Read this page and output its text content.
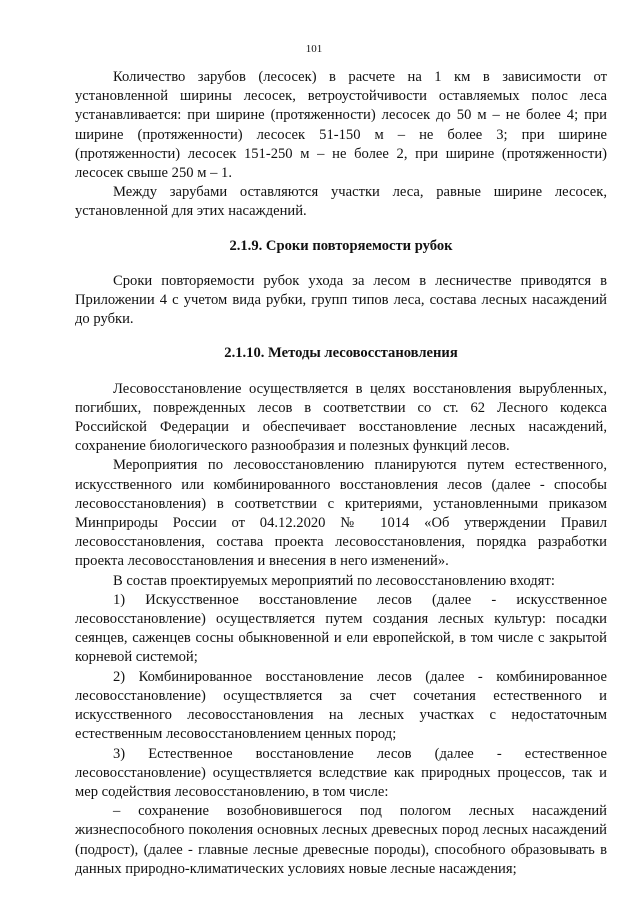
101

Количество зарубов (лесосек) в расчете на 1 км в зависимости от установленной ширины лесосек, ветроустойчивости оставляемых полос леса устанавливается: при ширине (протяженности) лесосек до 50 м – не более 4; при ширине (протяженности) лесосек 51-150 м – не более 3; при ширине (протяженности) лесосек 151-250 м – не более 2, при ширине (протяженности) лесосек свыше 250 м – 1.

Между зарубами оставляются участки леса, равные ширине лесосек, установленной для этих насаждений.

2.1.9. Сроки повторяемости рубок

Сроки повторяемости рубок ухода за лесом в лесничестве приводятся в Приложении 4 с учетом вида рубки, групп типов леса, состава лесных насаждений до рубки.

2.1.10. Методы лесовосстановления

Лесовосстановление осуществляется в целях восстановления вырубленных, погибших, поврежденных лесов в соответствии со ст. 62 Лесного кодекса Российской Федерации и обеспечивает восстановление лесных насаждений, сохранение биологического разнообразия и полезных функций лесов.

Мероприятия по лесовосстановлению планируются путем естественного, искусственного или комбинированного восстановления лесов (далее - способы лесовосстановления) в соответствии с критериями, установленными приказом Минприроды России от 04.12.2020 № 1014 «Об утверждении Правил лесовосстановления, состава проекта лесовосстановления, порядка разработки проекта лесовосстановления и внесения в него изменений».

В состав проектируемых мероприятий по лесовосстановлению входят:

1) Искусственное восстановление лесов (далее - искусственное лесовосстановление) осуществляется путем создания лесных культур: посадки сеянцев, саженцев сосны обыкновенной и ели европейской, в том числе с закрытой корневой системой;

2) Комбинированное восстановление лесов (далее - комбинированное лесовосстановление) осуществляется за счет сочетания естественного и искусственного лесовосстановления на лесных участках с недостаточным естественным лесовосстановлением ценных пород;

3) Естественное восстановление лесов (далее - естественное лесовосстановление) осуществляется вследствие как природных процессов, так и мер содействия лесовосстановлению, в том числе:

– сохранение возобновившегося под пологом лесных насаждений жизнеспособного поколения основных лесных древесных пород лесных насаждений (подрост), (далее - главные лесные древесные породы), способного образовывать в данных природно-климатических условиях новые лесные насаждения;
